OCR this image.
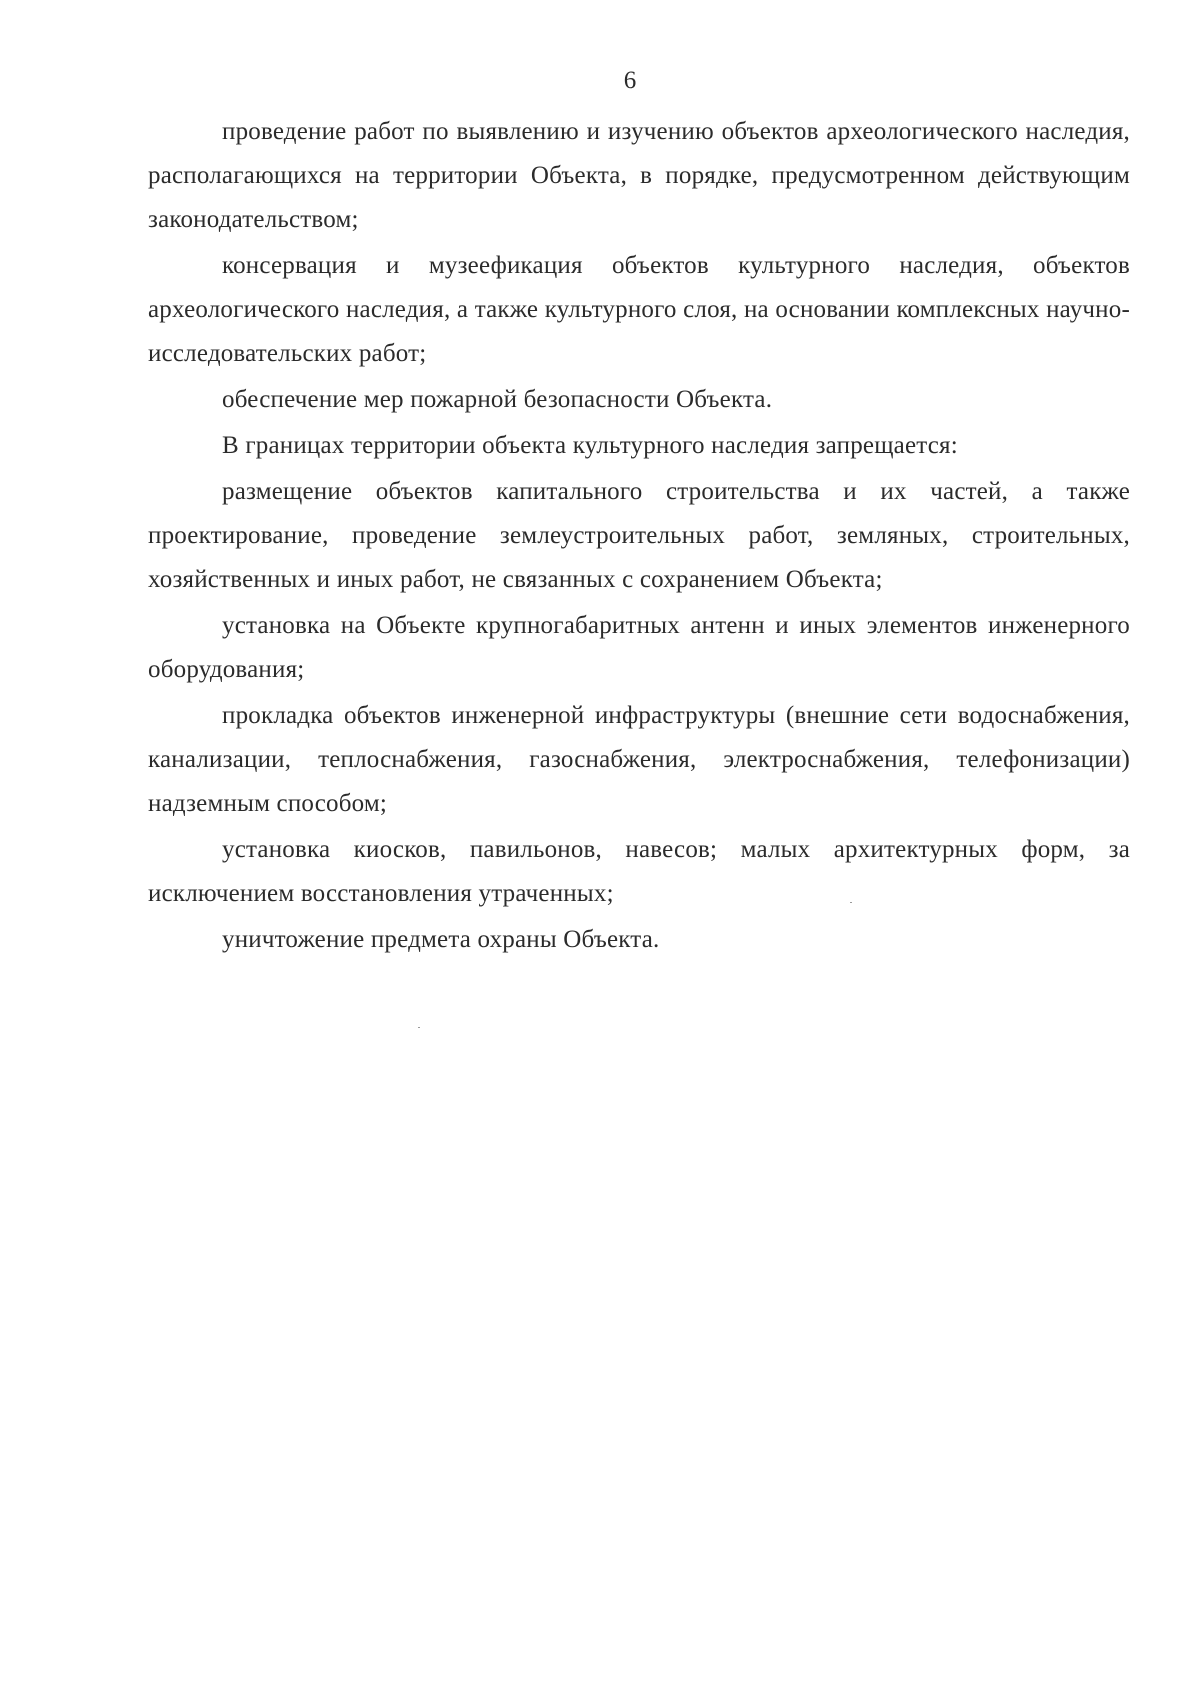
6

проведение работ по выявлению и изучению объектов археологического наследия, располагающихся на территории Объекта, в порядке, предусмотренном действующим законодательством;

консервация и музеефикация объектов культурного наследия, объектов археологического наследия, а также культурного слоя, на основании комплексных научно-исследовательских работ;

обеспечение мер пожарной безопасности Объекта.

В границах территории объекта культурного наследия запрещается:

размещение объектов капитального строительства и их частей, а также проектирование, проведение землеустроительных работ, земляных, строительных, хозяйственных и иных работ, не связанных с сохранением Объекта;

установка на Объекте крупногабаритных антенн и иных элементов инженерного оборудования;

прокладка объектов инженерной инфраструктуры (внешние сети водоснабжения, канализации, теплоснабжения, газоснабжения, электроснабжения, телефонизации) надземным способом;

установка киосков, павильонов, навесов; малых архитектурных форм, за исключением восстановления утраченных;

уничтожение предмета охраны Объекта.
